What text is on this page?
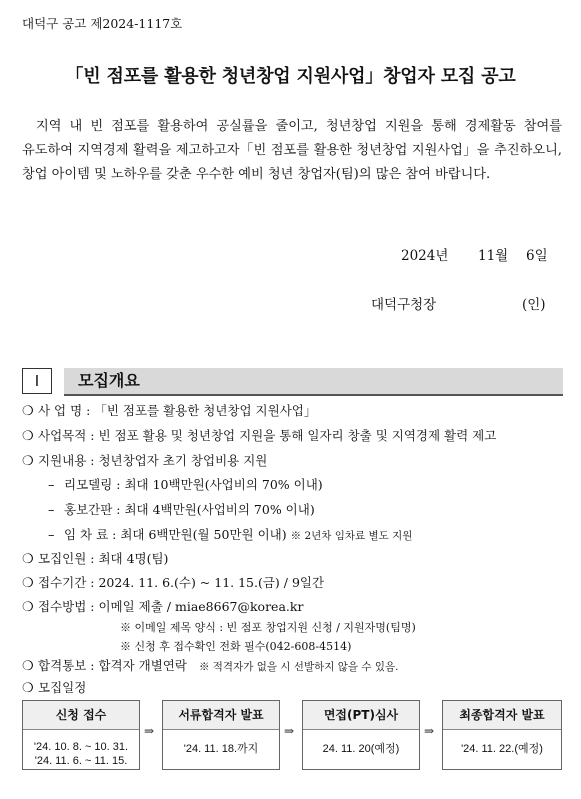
대덕구 공고 제2024-1117호
「빈 점포를 활용한 청년창업 지원사업」창업자 모집 공고
지역 내 빈 점포를 활용하여 공실률을 줄이고, 청년창업 지원을 통해 경제활동 참여를 유도하여 지역경제 활력을 제고하고자「빈 점포를 활용한 청년창업 지원사업」을 추진하오니, 창업 아이템 및 노하우를 갖춘 우수한 예비 청년 창업자(팀)의 많은 참여 바랍니다.
2024년 11월 6일
대덕구청장	(인)
Ⅰ	모집개요
❍ 사 업 명 : 「빈 점포를 활용한 청년창업 지원사업」
❍ 사업목적 : 빈 점포 활용 및 청년창업 지원을 통해 일자리 창출 및 지역경제 활력 제고
❍ 지원내용 : 청년창업자 초기 창업비용 지원
– 리모델링 : 최대 10백만원(사업비의 70% 이내)
– 홍보간판 : 최대 4백만원(사업비의 70% 이내)
– 임 차 료 : 최대 6백만원(월 50만원 이내) ※ 2년차 임차료 별도 지원
❍ 모집인원 : 최대 4명(팀)
❍ 접수기간 : 2024. 11. 6.(수) ~ 11. 15.(금) / 9일간
❍ 접수방법 : 이메일 제출 / miae8667@korea.kr
※ 이메일 제목 양식 : 빈 점포 창업지원 신청 / 지원자명(팀명)
※ 신청 후 접수확인 전화 필수(042-608-4514)
❍ 합격통보 : 합격자 개별연락 ※ 적격자가 없을 시 선발하지 않을 수 있음.
❍ 모집일정
신청 접수
'24. 10. 8. ~ 10. 31.
'24. 11. 6. ~ 11. 15.
⇒
서류합격자 발표
'24. 11. 18.까지
⇒
면접(PT)심사
24. 11. 20(예정)
⇒
최종합격자 발표
'24. 11. 22.(예정)
